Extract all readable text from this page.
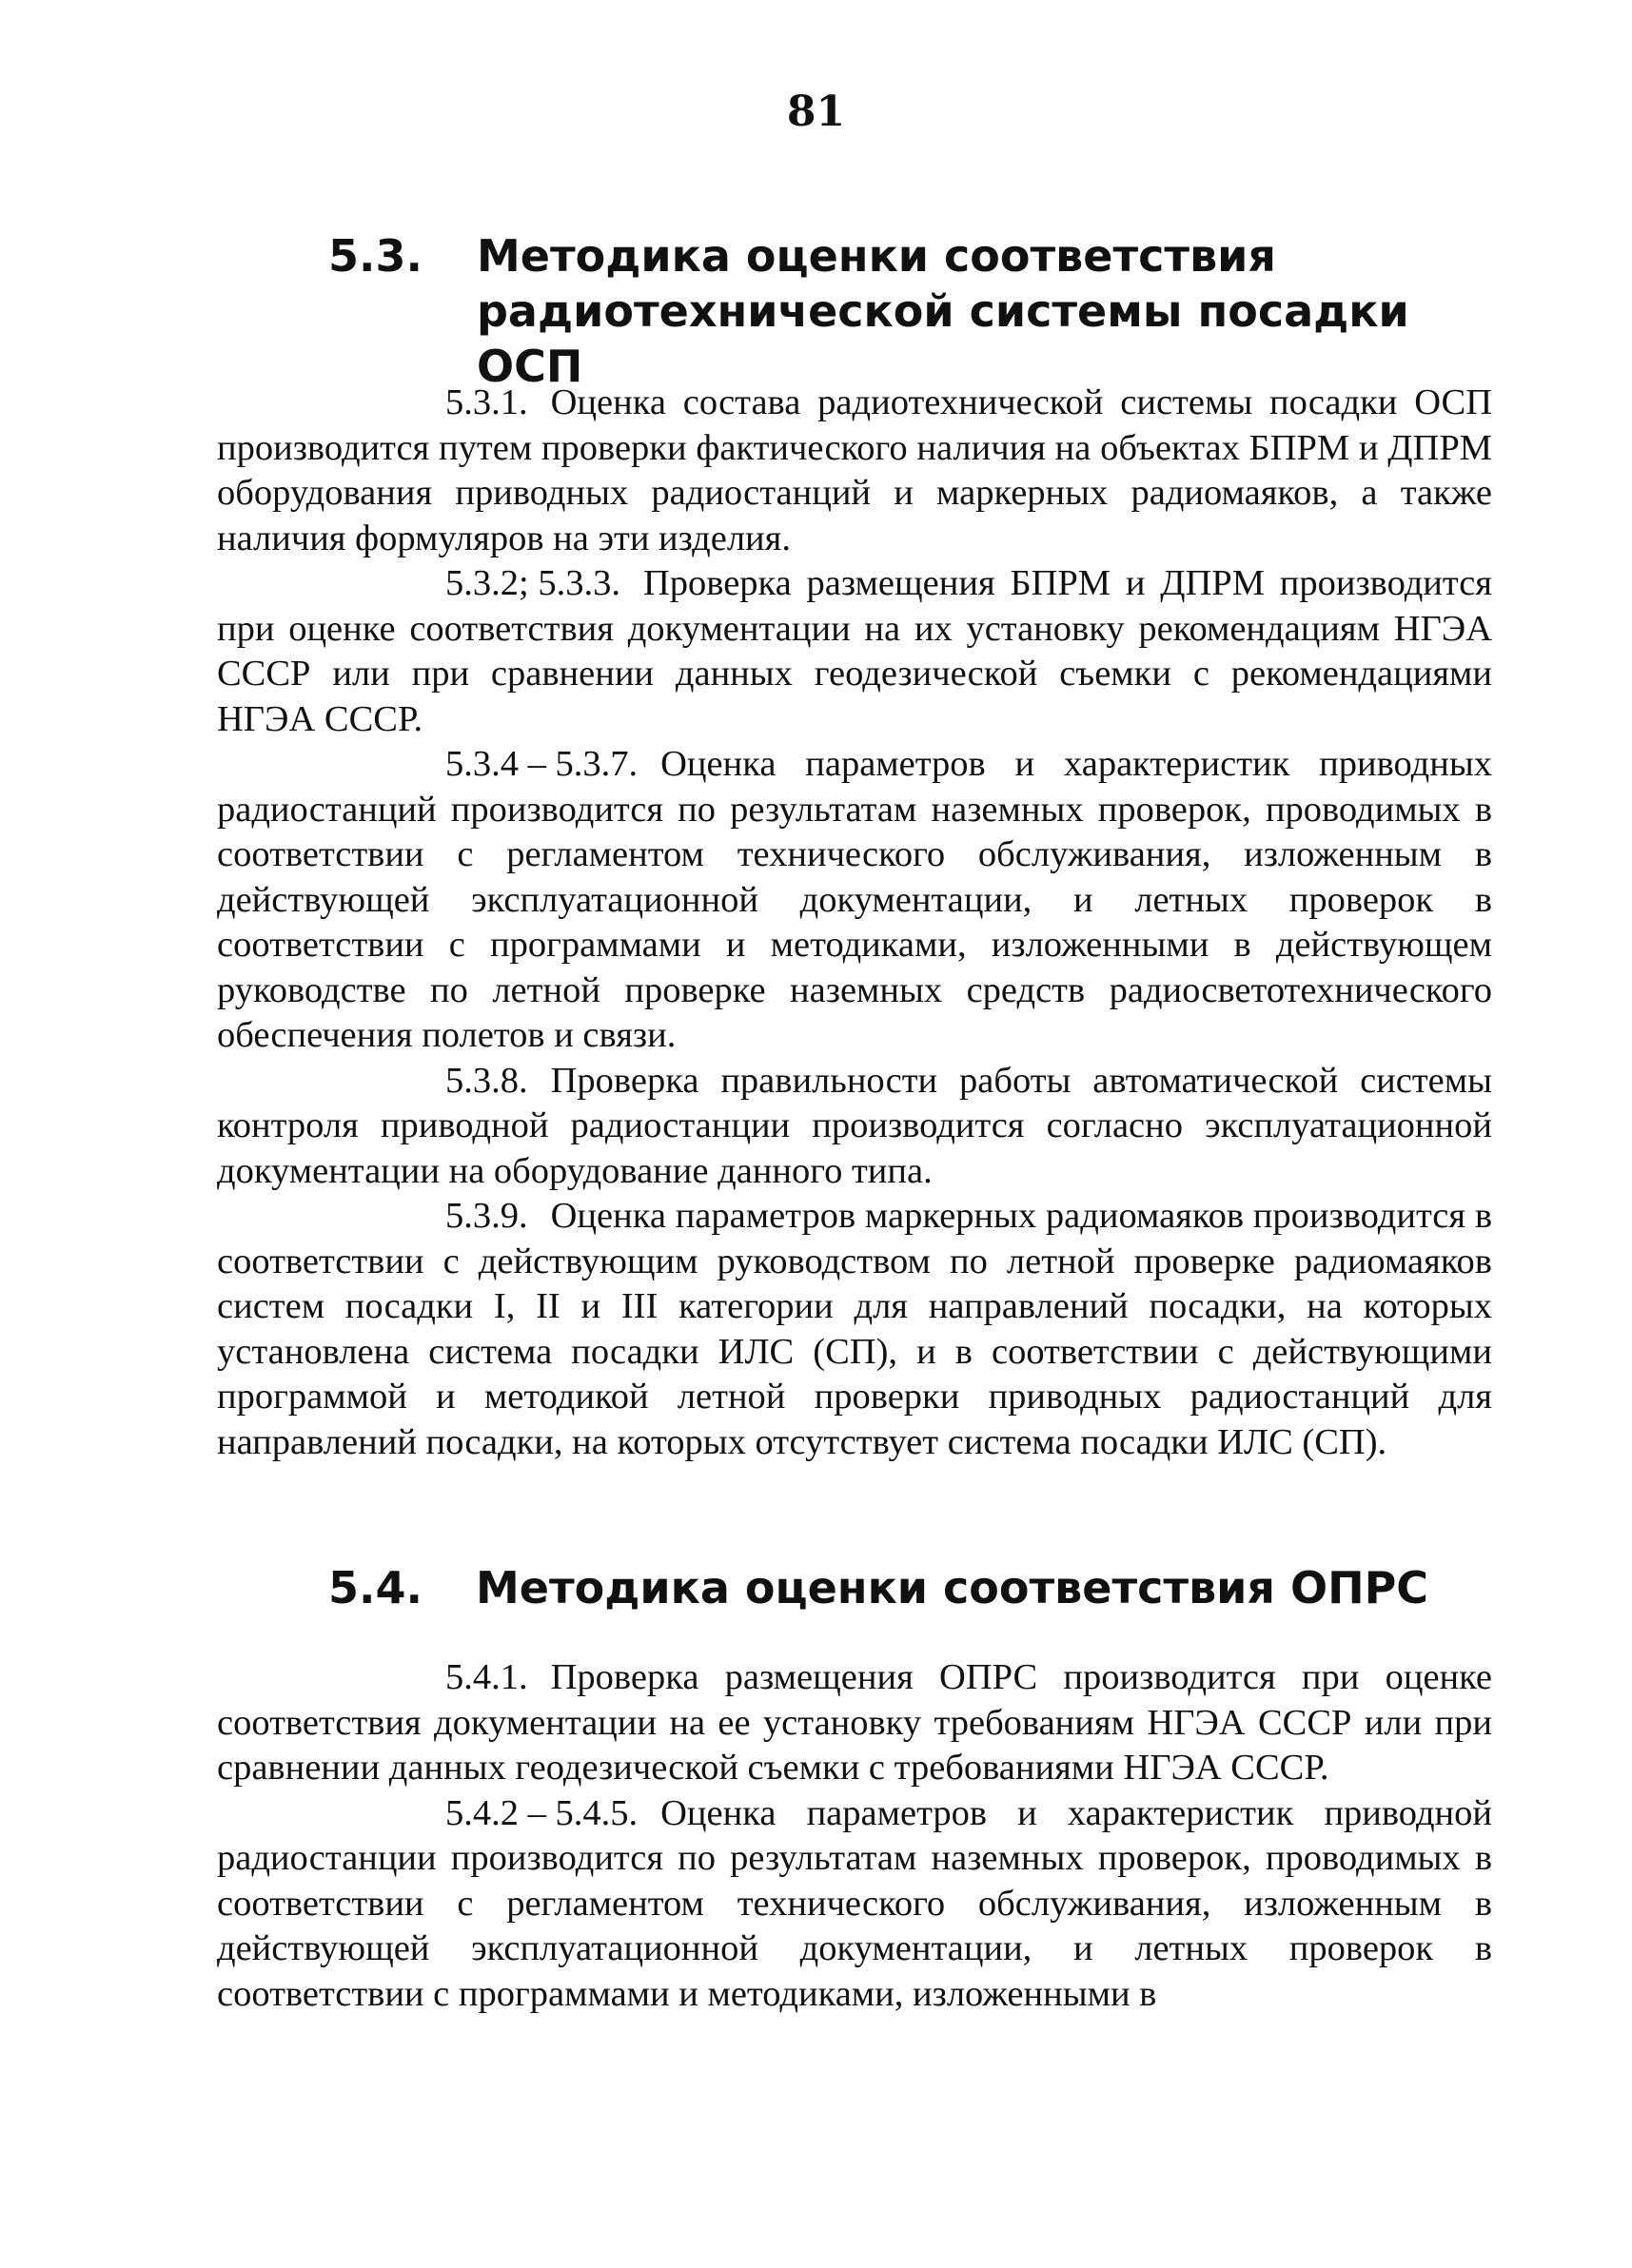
81
5.3. Методика оценки соответствия радиотехнической системы посадки ОСП

5.3.1. Оценка состава радиотехнической системы посадки ОСП производится путем проверки фактического наличия на объектах БПРМ и ДПРМ оборудования приводных радиостанций и маркерных радиомаяков, а также наличия формуляров на эти изделия.

5.3.2; 5.3.3. Проверка размещения БПРМ и ДПРМ производится при оценке соответствия документации на их установку рекомендациям НГЭА СССР или при сравнении данных геодезической съемки с рекомендациями НГЭА СССР.

5.3.4 – 5.3.7. Оценка параметров и характеристик приводных радиостанций производится по результатам наземных проверок, проводимых в соответствии с регламентом технического обслуживания, изложенным в действующей эксплуатационной документации, и летных проверок в соответствии с программами и методиками, изложенными в действующем руководстве по летной проверке наземных средств радиосветотехнического обеспечения полетов и связи.

5.3.8. Проверка правильности работы автоматической системы контроля приводной радиостанции производится согласно эксплуатационной документации на оборудование данного типа.

5.3.9. Оценка параметров маркерных радиомаяков производится в соответствии с действующим руководством по летной проверке радиомаяков систем посадки I, II и III категории для направлений посадки, на которых установлена система посадки ИЛС (СП), и в соответствии с действующими программой и методикой летной проверки приводных радиостанций для направлений посадки, на которых отсутствует система посадки ИЛС (СП).

5.4. Методика оценки соответствия ОПРС

5.4.1. Проверка размещения ОПРС производится при оценке соответствия документации на ее установку требованиям НГЭА СССР или при сравнении данных геодезической съемки с требованиями НГЭА СССР.

5.4.2 – 5.4.5. Оценка параметров и характеристик приводной радиостанции производится по результатам наземных проверок, проводимых в соответствии с регламентом технического обслуживания, изложенным в действующей эксплуатационной документации, и летных проверок в соответствии с программами и методиками, изложенными в
